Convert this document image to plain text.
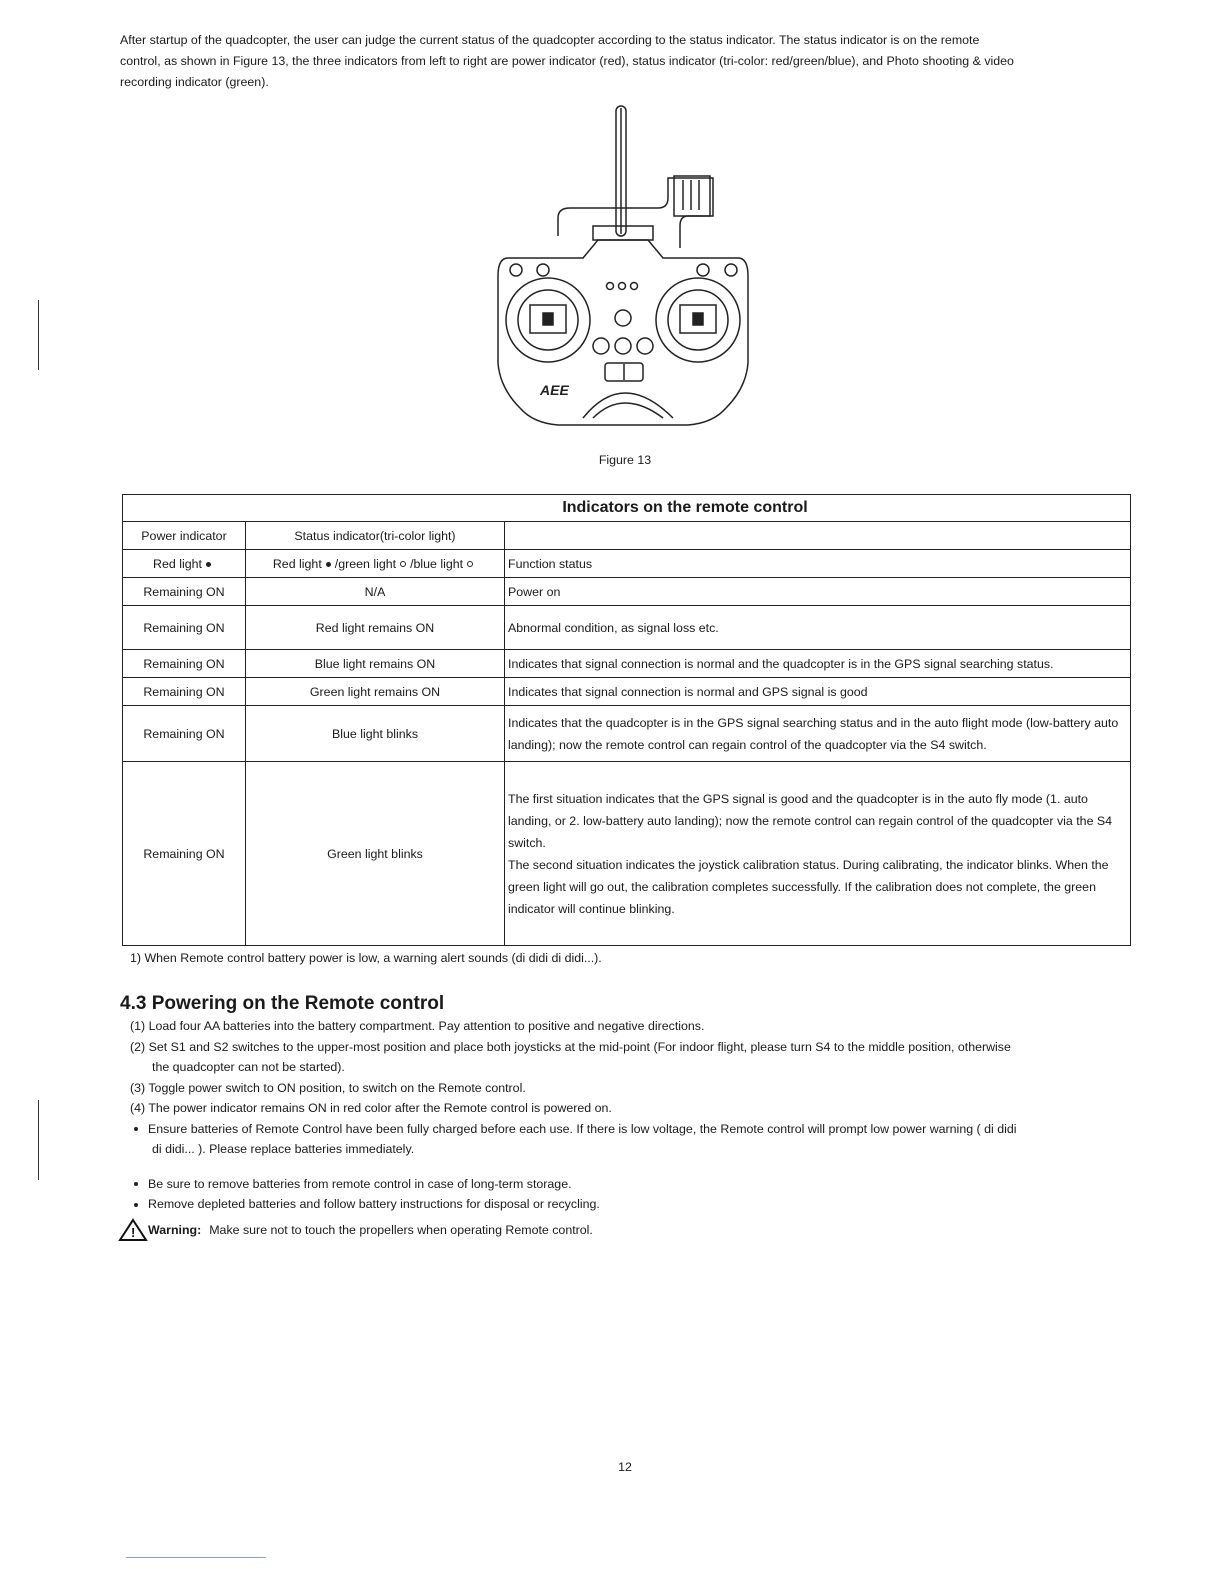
After startup of the quadcopter, the user can judge the current status of the quadcopter according to the status indicator. The status indicator is on the remote
control, as shown in Figure 13, the three indicators from left to right are power indicator (red), status indicator (tri-color: red/green/blue), and Photo shooting & video
recording indicator (green).
AEE
Figure 13
Indicators on the remote control		
Power indicator	Status indicator(tri-color light)	
Red light	Red light /green light /blue light	Function status
Remaining ON	N/A	Power on
Remaining ON	Red light remains ON	Abnormal condition, as signal loss etc.
Remaining ON	Blue light remains ON	Indicates that signal connection is normal and the quadcopter is in the GPS signal searching status.
Remaining ON	Green light remains ON	Indicates that signal connection is normal and GPS signal is good
Remaining ON	Blue light blinks	Indicates that the quadcopter is in the GPS signal searching status and in the auto flight mode (low-battery auto landing); now the remote control can regain control of the quadcopter via the S4 switch.
Remaining ON	Green light blinks	The first situation indicates that the GPS signal is good and the quadcopter is in the auto fly mode (1. auto landing, or 2. low-battery auto landing); now the remote control can regain control of the quadcopter via the S4 switch.
The second situation indicates the joystick calibration status. During calibrating, the indicator blinks. When the green light will go out, the calibration completes successfully. If the calibration does not complete, the green indicator will continue blinking.
1) When Remote control battery power is low, a warning alert sounds (di didi di didi...).
4.3 Powering on the Remote control
(1) Load four AA batteries into the battery compartment. Pay attention to positive and negative directions.
(2) Set S1 and S2 switches to the upper-most position and place both joysticks at the mid-point (For indoor flight, please turn S4 to the middle position, otherwise
the quadcopter can not be started).
(3) Toggle power switch to ON position, to switch on the Remote control.
(4) The power indicator remains ON in red color after the Remote control is powered on.
Ensure batteries of Remote Control have been fully charged before each use. If there is low voltage, the Remote control will prompt low power warning ( di didi
di didi... ). Please replace batteries immediately.
Be sure to remove batteries from remote control in case of long-term storage.
Remove depleted batteries and follow battery instructions for disposal or recycling.
! Warning: Make sure not to touch the propellers when operating Remote control.
12
